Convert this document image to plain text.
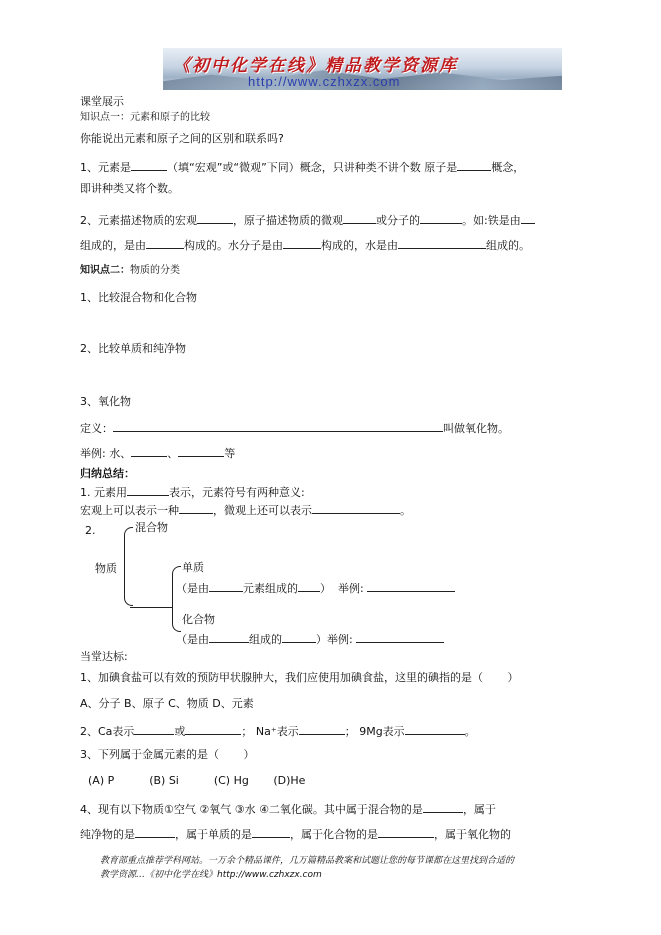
《初中化学在线》精品教学资源库
http://www.czhxzx.com
课堂展示
知识点一：元素和原子的比较
你能说出元素和原子之间的区别和联系吗?
1、元素是	（填“宏观”或“微观”下同）概念，只讲种类不讲个数 原子是	概念，
即讲种类又将个数。
2、元素描述物质的宏观	，原子描述物质的微观	或分子的	。如:铁是由
组成的，是由	构成的。水分子是由	构成的，水是由	组成的。
知识点二：物质的分类
1、比较混合物和化合物
2、比较单质和纯净物
3、氧化物
定义：	叫做氧化物。
举例: 水、	、	等
归纳总结：
1. 元素用	表示，元素符号有两种意义:
宏观上可以表示一种	，微观上还可以表示	。
2.	混合物
物质	单质
（是由	元素组成的 ） 举例:
化合物
（是由	组成的	）举例:
当堂达标:
1、加碘食盐可以有效的预防甲状腺肿大，我们应使用加碘食盐，这里的碘指的是（ ）
A、分子 B、原子 C、物质 D、元素
2、Ca表示	或	； Na⁺表示	； 9Mg表示	。
3、下列属于金属元素的是（ ）
(A) P          (B) Si          (C) Hg       (D)He
4、现有以下物质①空气 ②氧气 ③水 ④二氧化碳。其中属于混合物的是	，属于
纯净物的是	，属于单质的是	，属于化合物的是	，属于氧化物的
教育部重点推荐学科网站。一万余个精品课件，几万篇精品教案和试题让您的每节课都在这里找到合适的
教学资源…《初中化学在线》http://www.czhxzx.com
